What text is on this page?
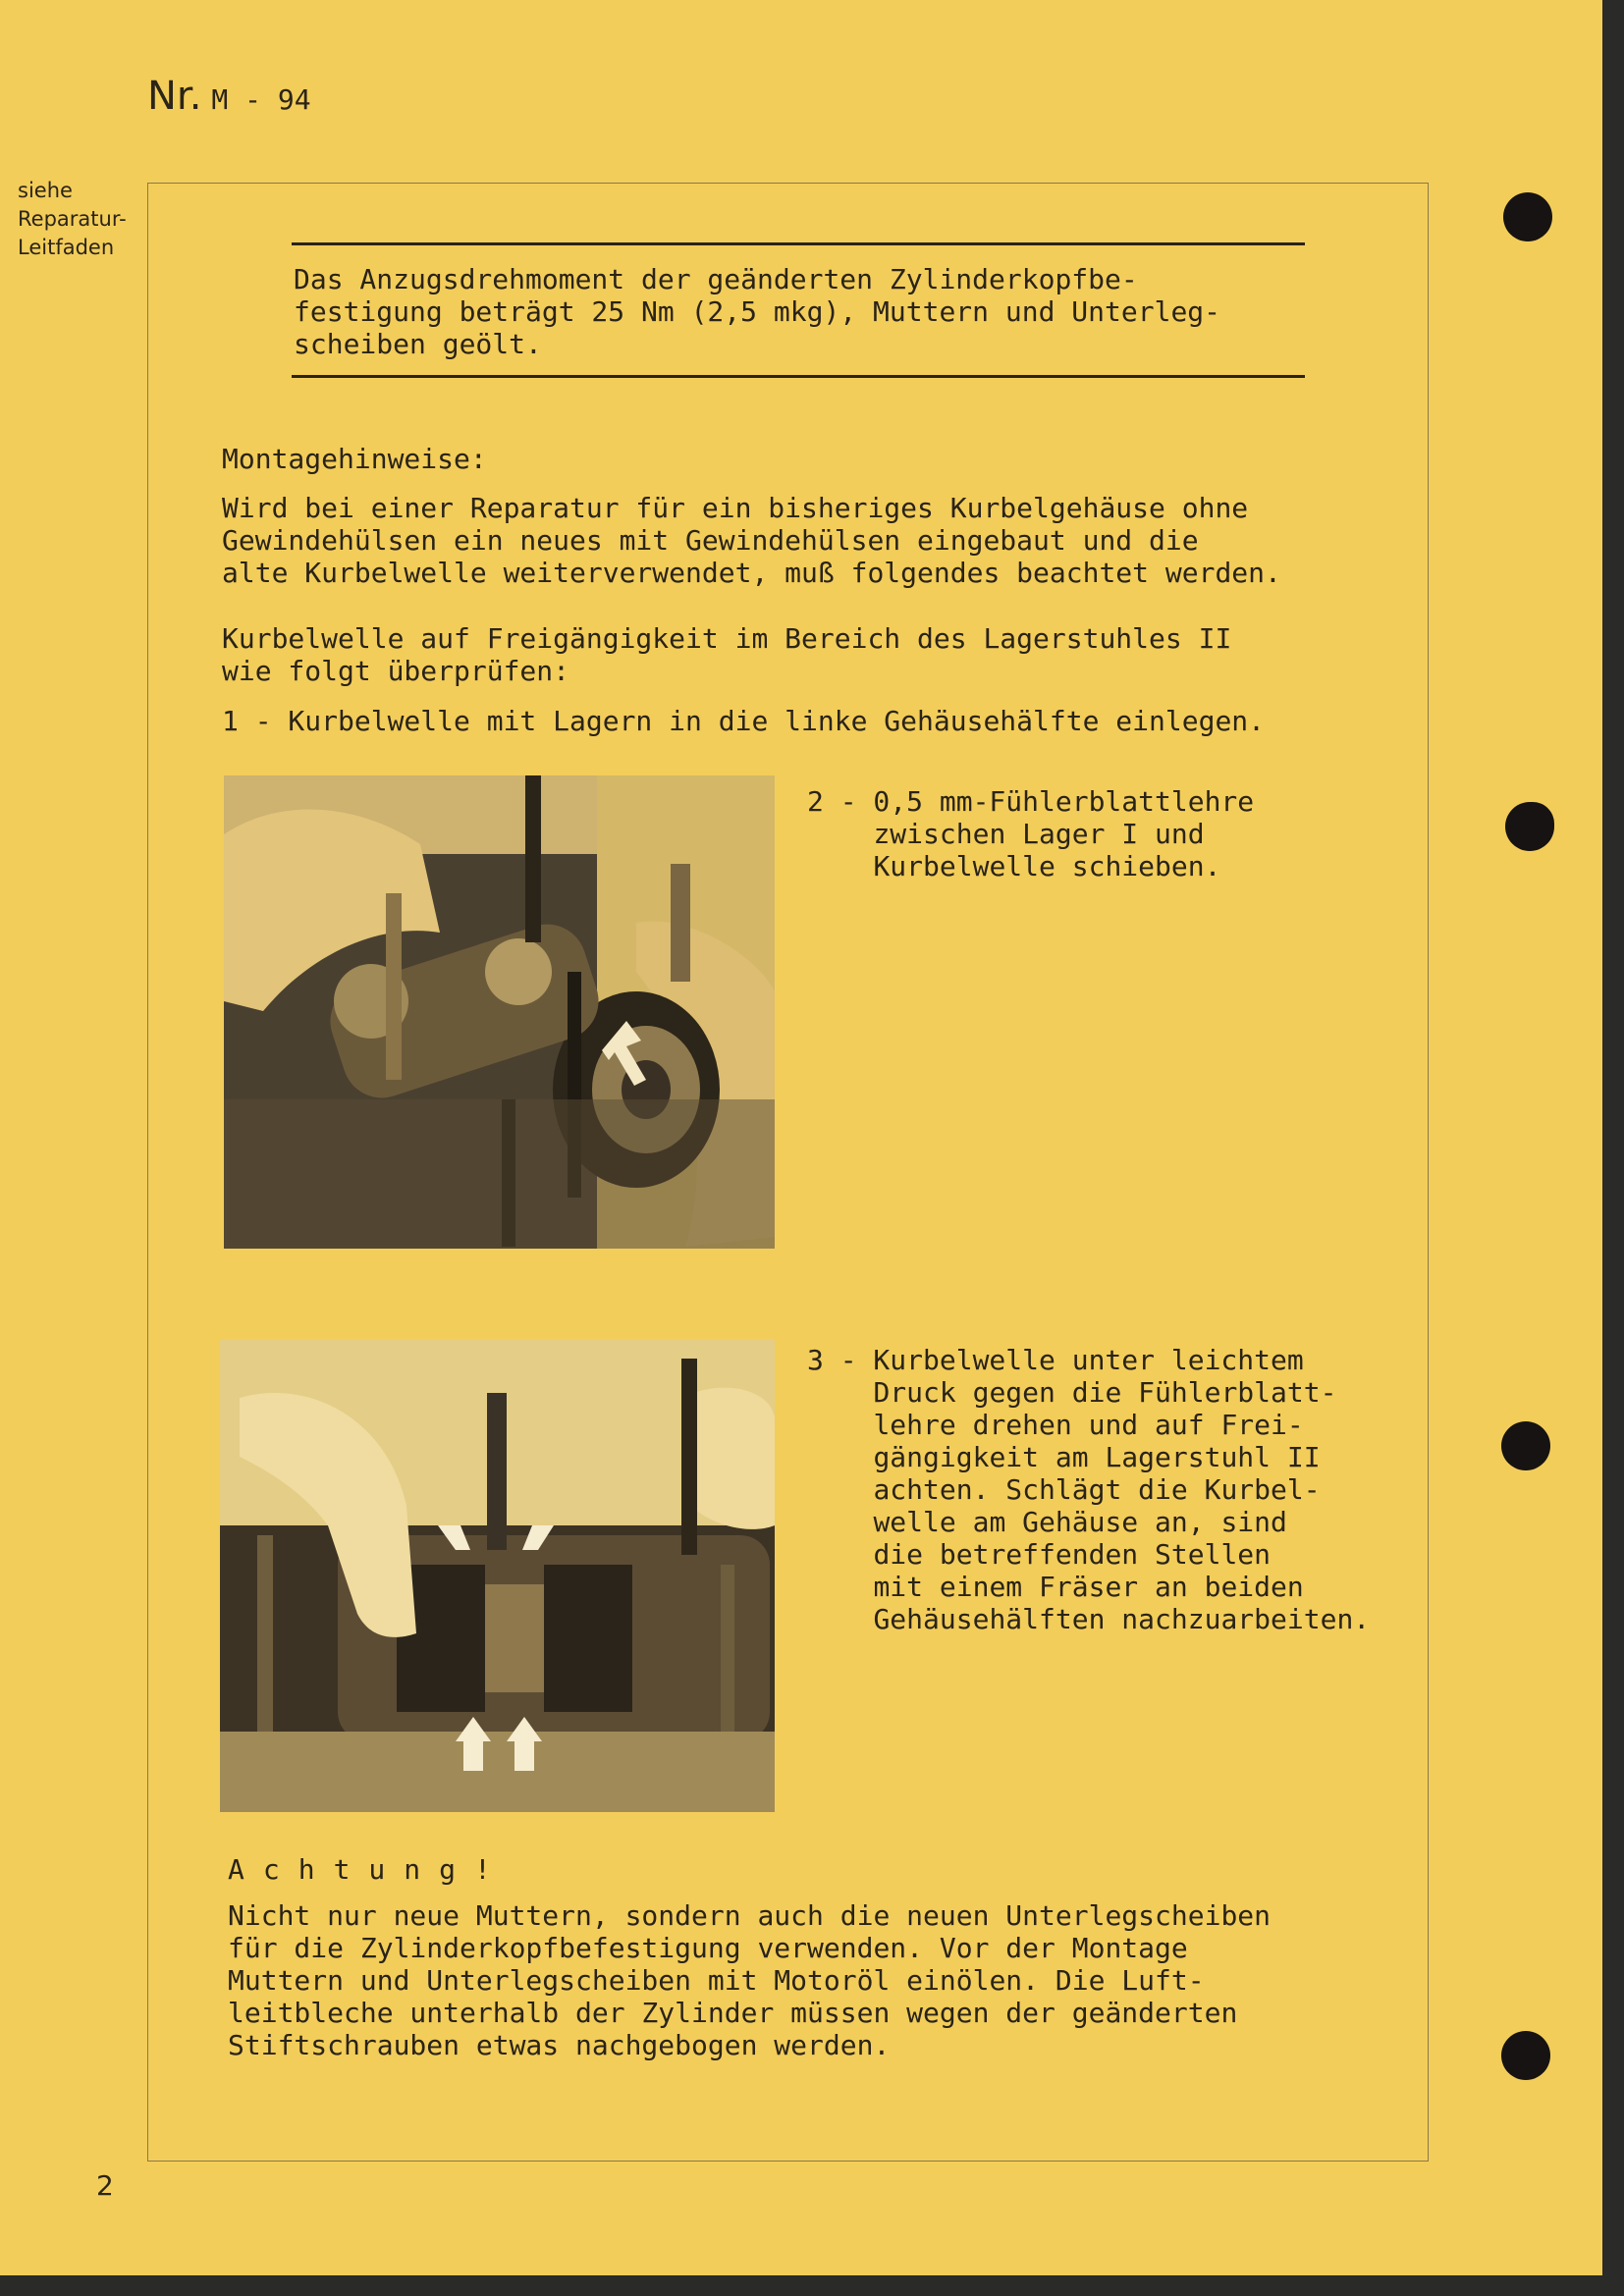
Nr. M - 94
siehe
Reparatur-
Leitfaden
Das Anzugsdrehmoment der geänderten Zylinderkopfbe-
festigung beträgt 25 Nm (2,5 mkg), Muttern und Unterleg-
scheiben geölt.
Montagehinweise:
Wird bei einer Reparatur für ein bisheriges Kurbelgehäuse ohne
Gewindehülsen ein neues mit Gewindehülsen eingebaut und die
alte Kurbelwelle weiterverwendet, muß folgendes beachtet werden.
Kurbelwelle auf Freigängigkeit im Bereich des Lagerstuhles II
wie folgt überprüfen:
1 - Kurbelwelle mit Lagern in die linke Gehäusehälfte einlegen.
2 - 0,5 mm-Fühlerblattlehre
zwischen Lager I und
Kurbelwelle schieben.
3 - Kurbelwelle unter leichtem
Druck gegen die Fühlerblatt-
lehre drehen und auf Frei-
gängigkeit am Lagerstuhl II
achten. Schlägt die Kurbel-
welle am Gehäuse an, sind
die betreffenden Stellen
mit einem Fräser an beiden
Gehäusehälften nachzuarbeiten.
Achtung!
Nicht nur neue Muttern, sondern auch die neuen Unterlegscheiben
für die Zylinderkopfbefestigung verwenden. Vor der Montage
Muttern und Unterlegscheiben mit Motoröl einölen. Die Luft-
leitbleche unterhalb der Zylinder müssen wegen der geänderten
Stiftschrauben etwas nachgebogen werden.
2
